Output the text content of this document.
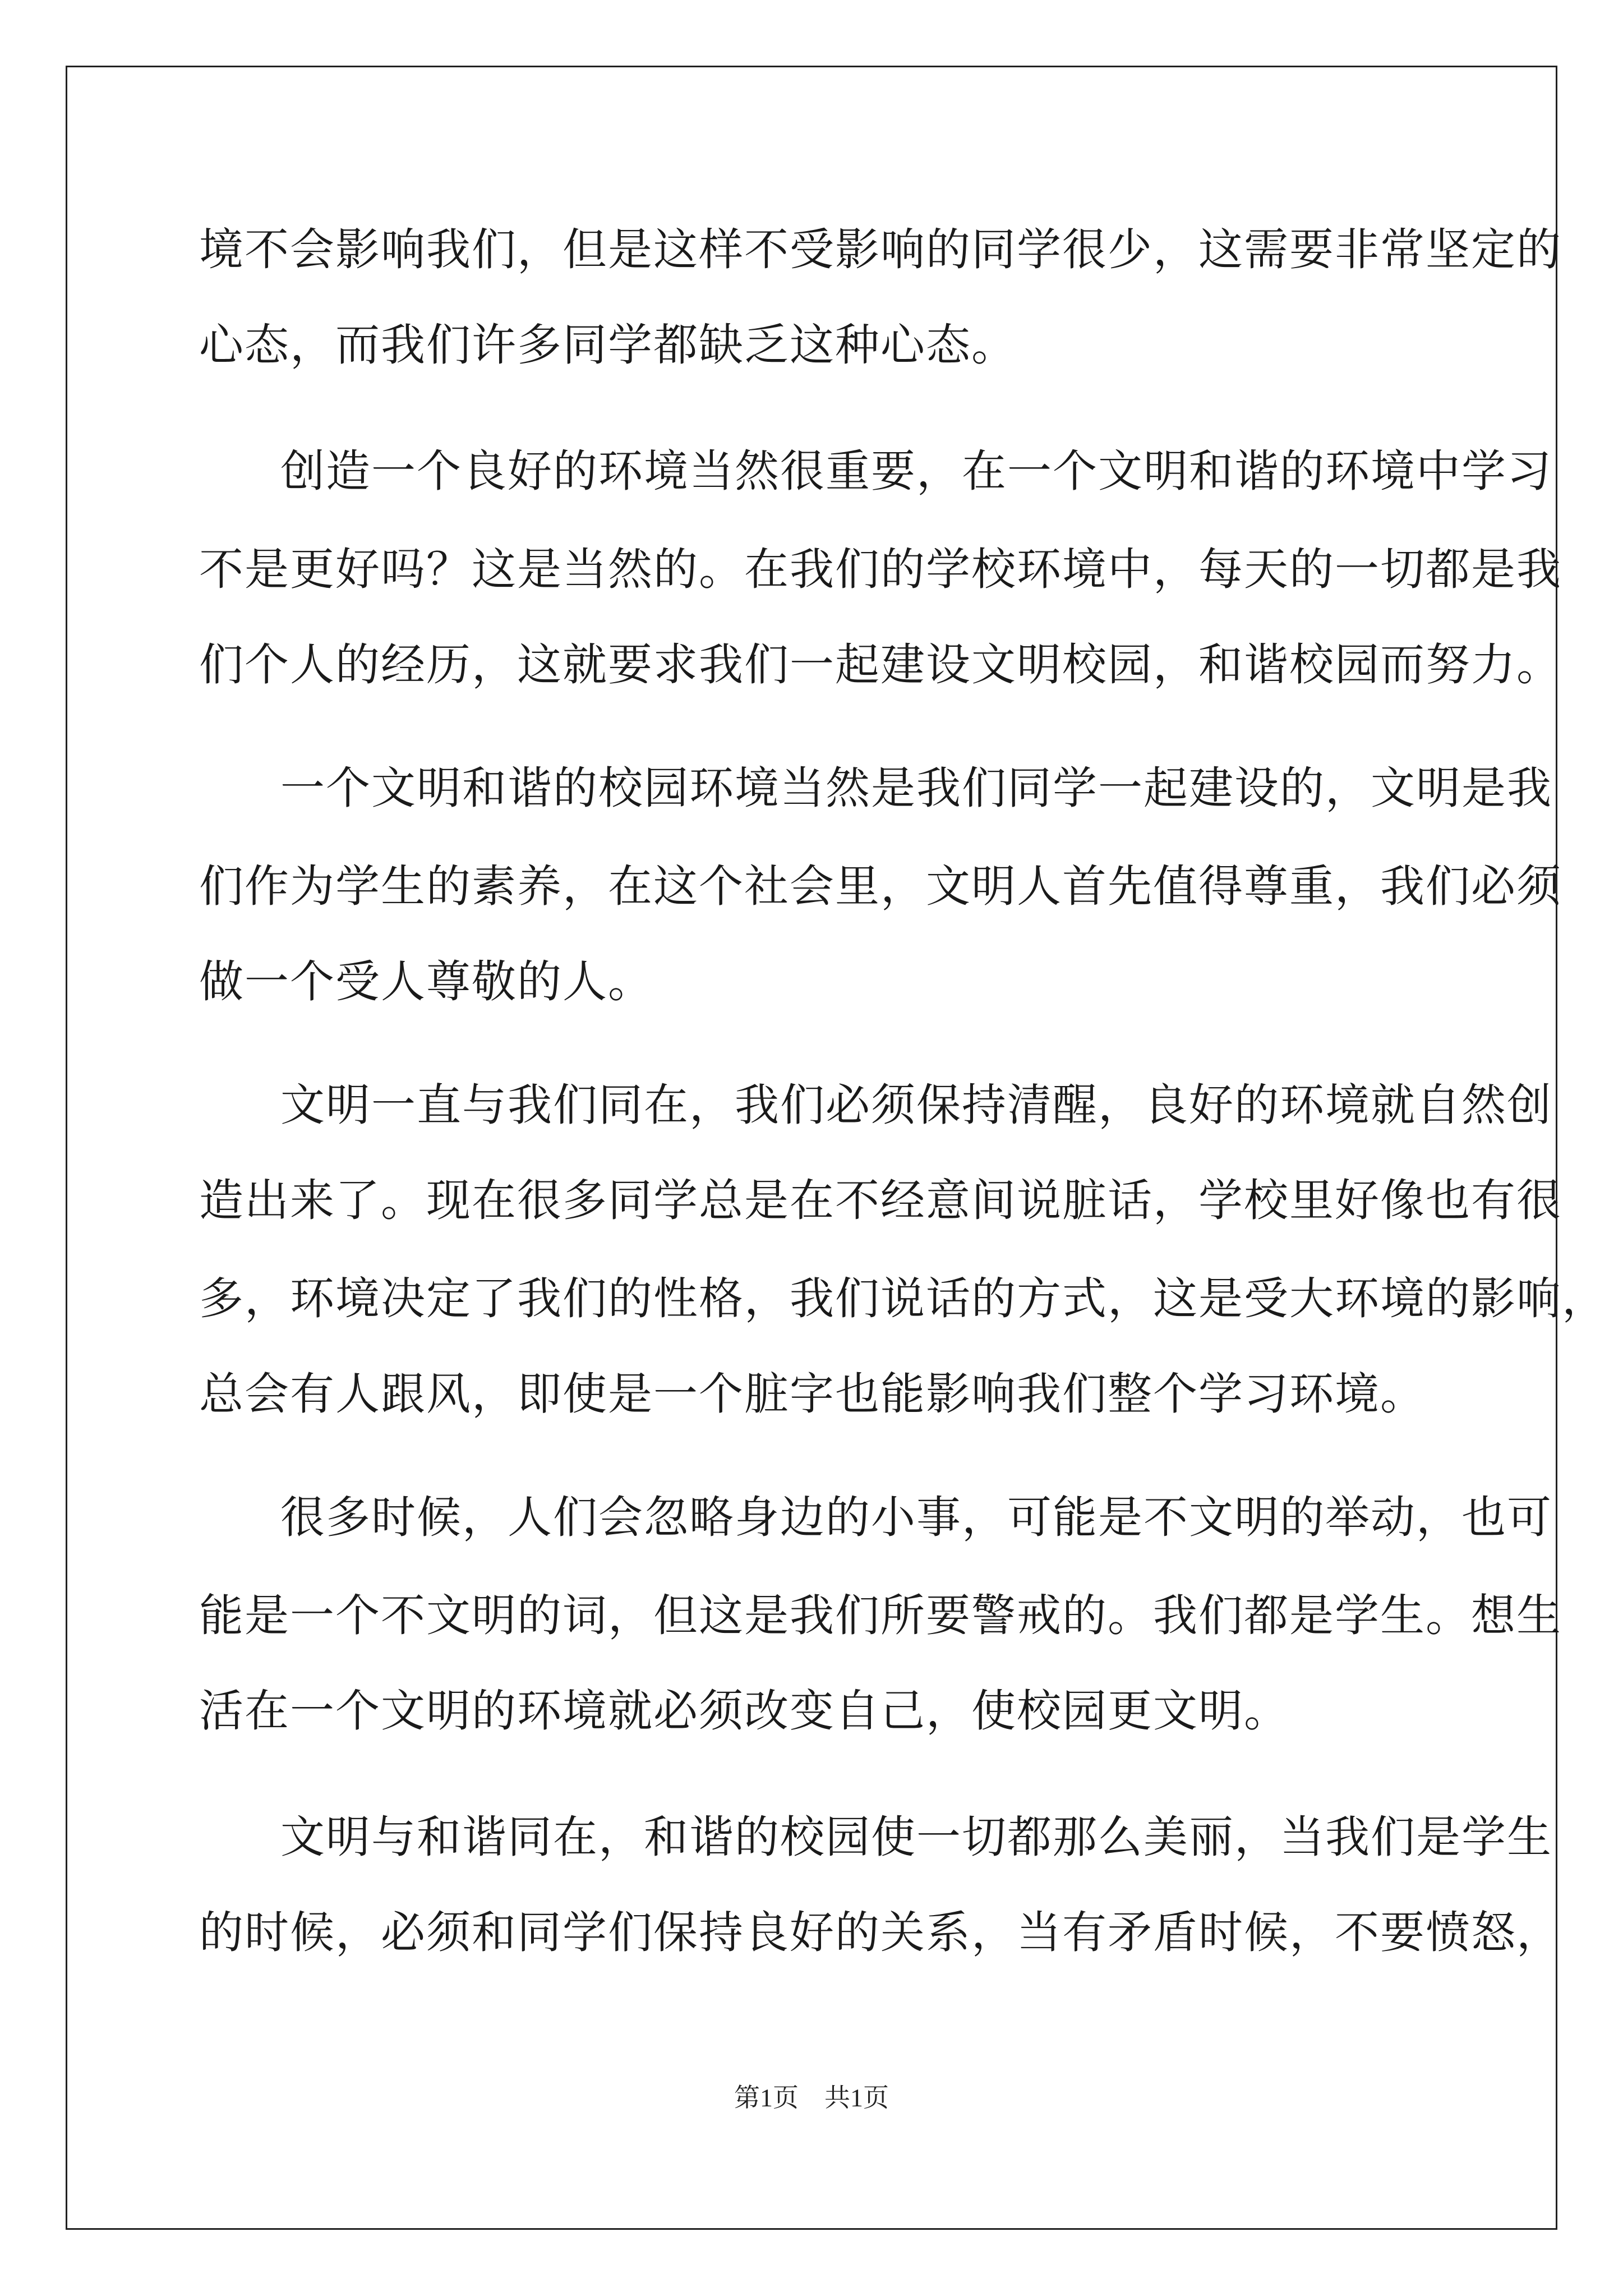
境不会影响我们，但是这样不受影响的同学很少，这需要非常坚定的
心态，而我们许多同学都缺乏这种心态。
创造一个良好的环境当然很重要，在一个文明和谐的环境中学习
不是更好吗？这是当然的。在我们的学校环境中，每天的一切都是我
们个人的经历，这就要求我们一起建设文明校园，和谐校园而努力。
一个文明和谐的校园环境当然是我们同学一起建设的，文明是我
们作为学生的素养，在这个社会里，文明人首先值得尊重，我们必须
做一个受人尊敬的人。
文明一直与我们同在，我们必须保持清醒，良好的环境就自然创
造出来了。现在很多同学总是在不经意间说脏话，学校里好像也有很
多，环境决定了我们的性格，我们说话的方式，这是受大环境的影响，
总会有人跟风，即使是一个脏字也能影响我们整个学习环境。
很多时候，人们会忽略身边的小事，可能是不文明的举动，也可
能是一个不文明的词，但这是我们所要警戒的。我们都是学生。想生
活在一个文明的环境就必须改变自己，使校园更文明。
文明与和谐同在，和谐的校园使一切都那么美丽，当我们是学生
的时候，必须和同学们保持良好的关系，当有矛盾时候，不要愤怒，
第1页　共1页
